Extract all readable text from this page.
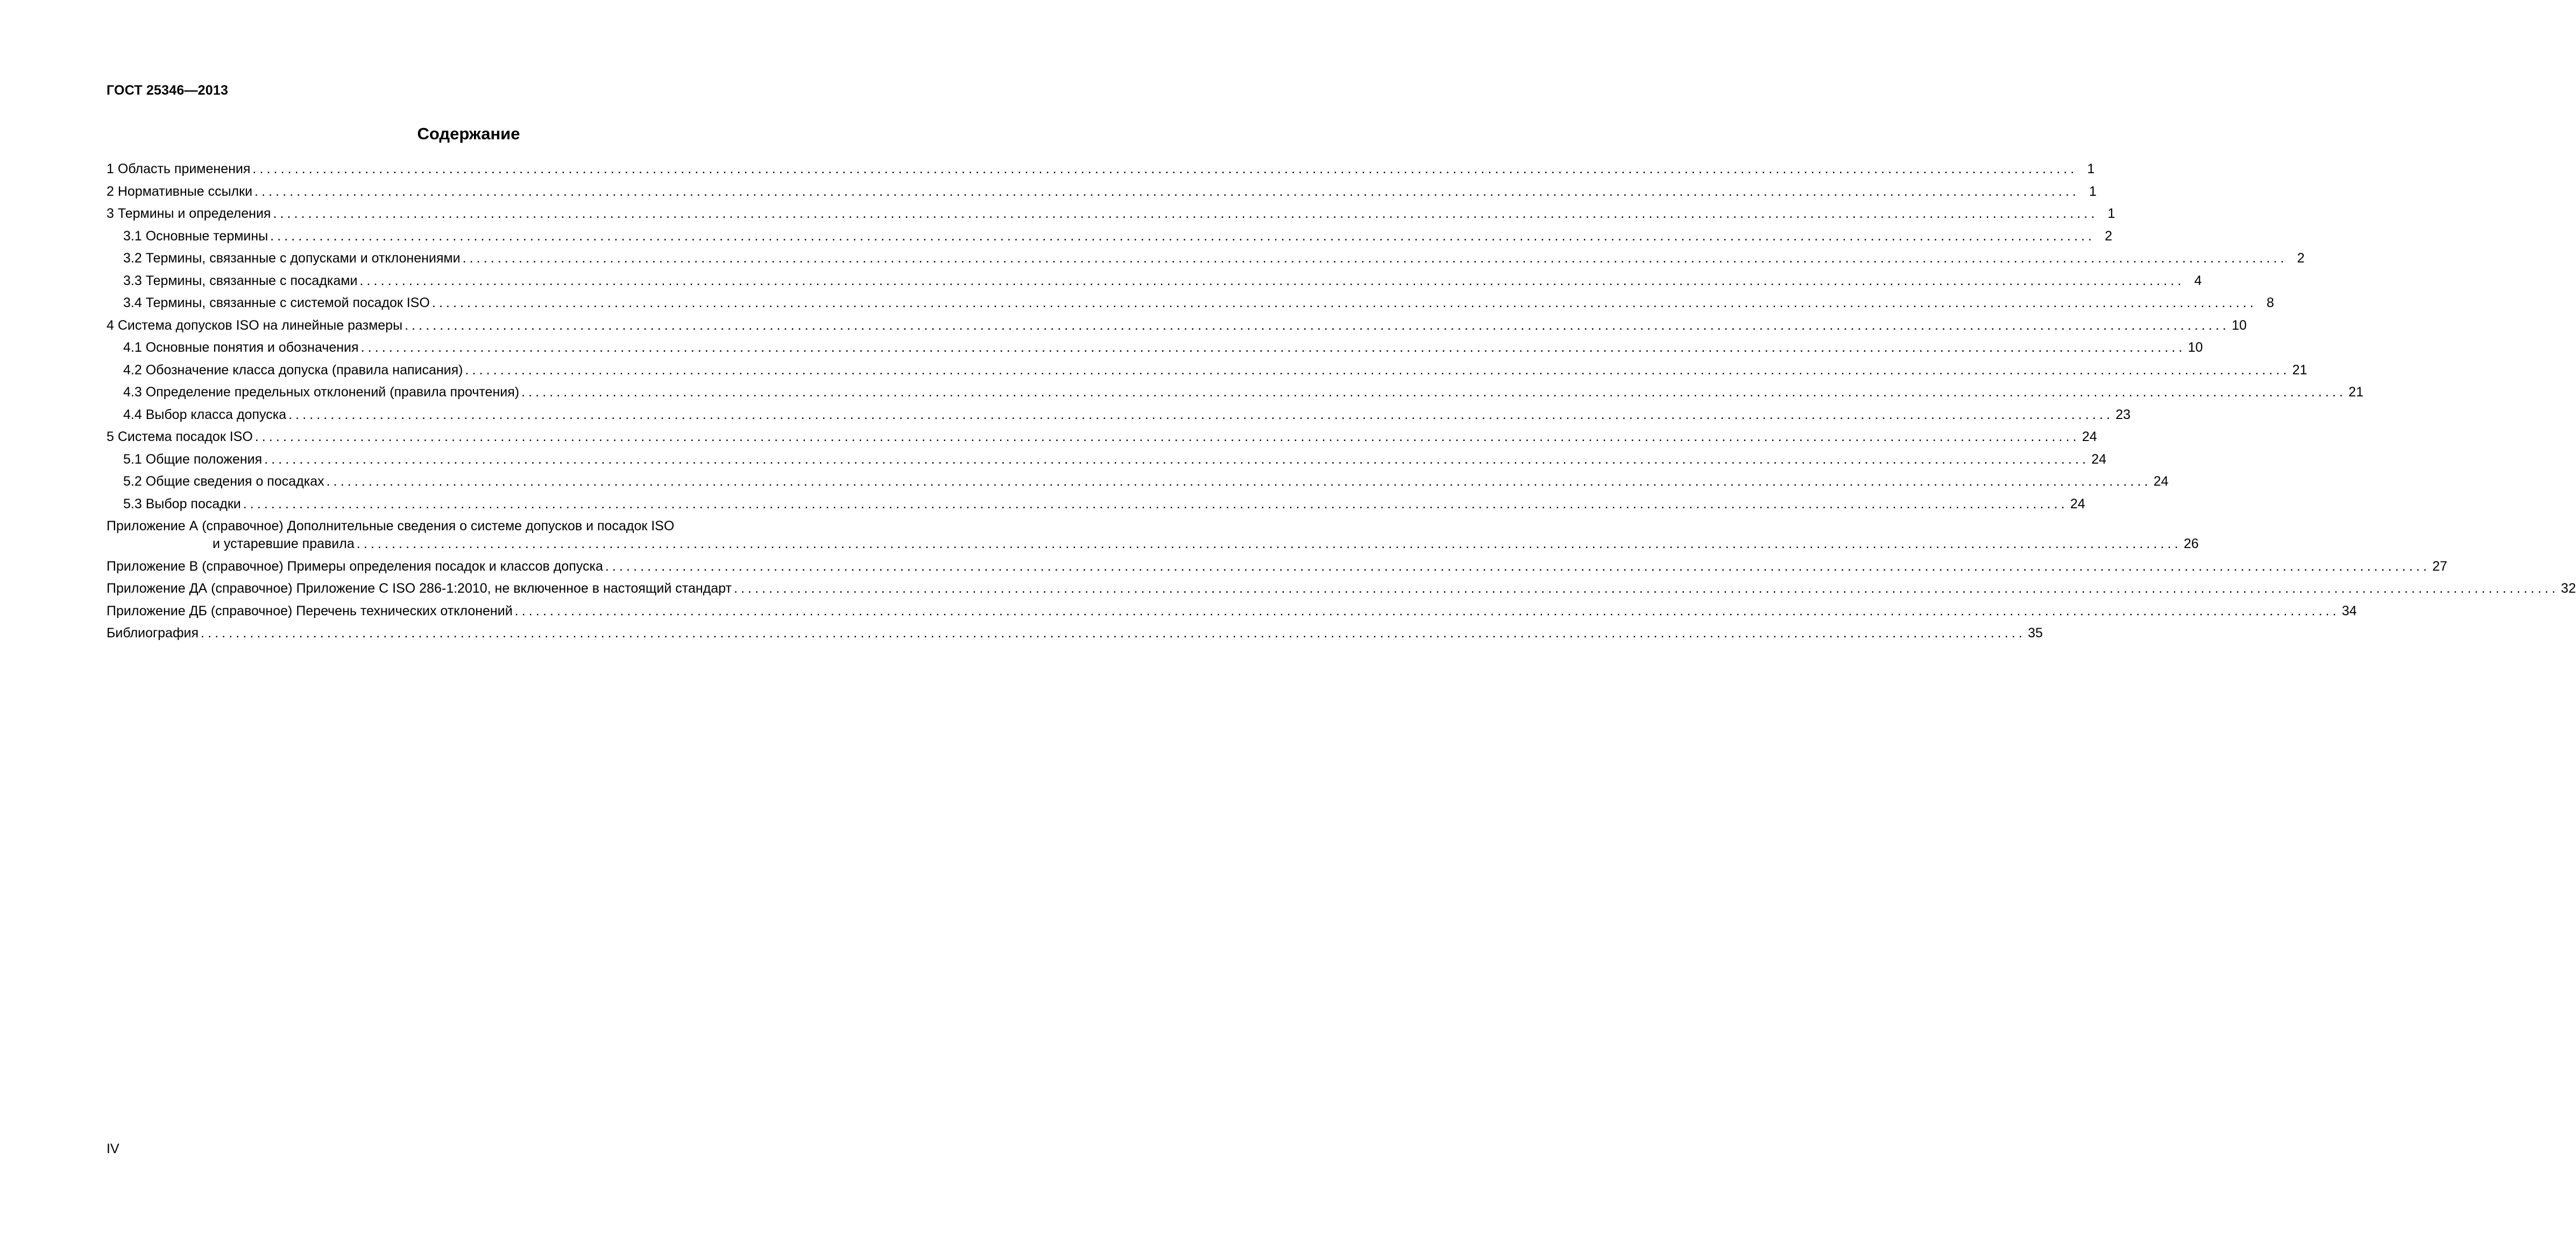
ГОСТ 25346—2013
Содержание
1 Область применения .................................................................................................................................................................................................................................................................... 1
2 Нормативные ссылки .................................................................................................................................................................................................................................................................... 1
3 Термины и определения .................................................................................................................................................................................................................................................................... 1
3.1 Основные термины .................................................................................................................................................................................................................................................................... 2
3.2 Термины, связанные с допусками и отклонениями .................................................................................................................................................................................................................................................................... 2
3.3 Термины, связанные с посадками .................................................................................................................................................................................................................................................................... 4
3.4 Термины, связанные с системой посадок ISO .................................................................................................................................................................................................................................................................... 8
4 Система допусков ISO на линейные размеры .................................................................................................................................................................................................................................................................... 10
4.1 Основные понятия и обозначения .................................................................................................................................................................................................................................................................... 10
4.2 Обозначение класса допуска (правила написания) .................................................................................................................................................................................................................................................................... 21
4.3 Определение предельных отклонений (правила прочтения) .................................................................................................................................................................................................................................................................... 21
4.4 Выбор класса допуска .................................................................................................................................................................................................................................................................... 23
5 Система посадок ISO .................................................................................................................................................................................................................................................................... 24
5.1 Общие положения .................................................................................................................................................................................................................................................................... 24
5.2 Общие сведения о посадках .................................................................................................................................................................................................................................................................... 24
5.3 Выбор посадки .................................................................................................................................................................................................................................................................... 24
Приложение А (справочное) Дополнительные сведения о системе допусков и посадок ISO
и устаревшие правила .................................................................................................................................................................................................................................................................... 26
Приложение В (справочное) Примеры определения посадок и классов допуска .................................................................................................................................................................................................................................................................... 27
Приложение ДА (справочное) Приложение С ISO 286-1:2010, не включенное в настоящий стандарт .................................................................................................................................................................................................................................................................... 32
Приложение ДБ (справочное) Перечень технических отклонений .................................................................................................................................................................................................................................................................... 34
Библиография .................................................................................................................................................................................................................................................................... 35
IV
